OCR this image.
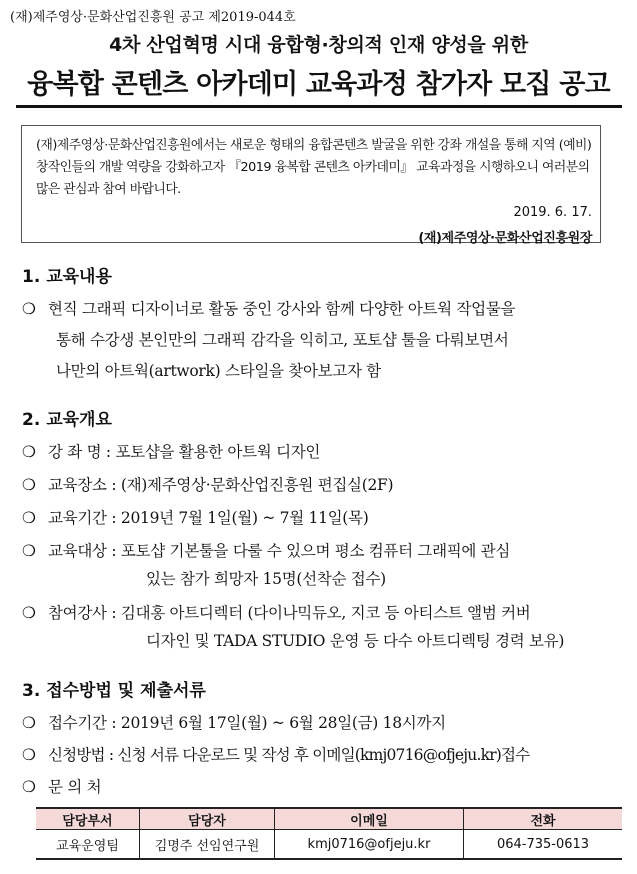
(재)제주영상·문화산업진흥원 공고 제2019-044호
4차 산업혁명 시대 융합형·창의적 인재 양성을 위한
융복합 콘텐츠 아카데미 교육과정 참가자 모집 공고
(재)제주영상·문화산업진흥원에서는 새로운 형태의 융합콘텐츠 발굴을 위한 강좌 개설을 통해 지역 (예비)창작인들의 개발 역량을 강화하고자 『2019 융복합 콘텐츠 아카데미』 교육과정을 시행하오니 여러분의 많은 관심과 참여 바랍니다.
2019. 6. 17.
(재)제주영상·문화산업진흥원장
1. 교육내용
❍ 현직 그래픽 디자이너로 활동 중인 강사와 함께 다양한 아트웍 작업물을
통해 수강생 본인만의 그래픽 감각을 익히고, 포토샵 툴을 다뤄보면서
나만의 아트웍(artwork) 스타일을 찾아보고자 함
2. 교육개요
❍ 강 좌 명 : 포토샵을 활용한 아트웍 디자인
❍ 교육장소 : (재)제주영상·문화산업진흥원 편집실(2F)
❍ 교육기간 : 2019년 7월 1일(월) ~ 7월 11일(목)
❍ 교육대상 : 포토샵 기본툴을 다룰 수 있으며 평소 컴퓨터 그래픽에 관심
있는 참가 희망자 15명(선착순 접수)
❍ 참여강사 : 김대홍 아트디렉터 (다이나믹듀오, 지코 등 아티스트 앨범 커버
디자인 및 TADA STUDIO 운영 등 다수 아트디렉팅 경력 보유)
3. 접수방법 및 제출서류
❍ 접수기간 : 2019년 6월 17일(월) ~ 6월 28일(금) 18시까지
❍ 신청방법 : 신청 서류 다운로드 및 작성 후 이메일(kmj0716@ofjeju.kr)접수
❍ 문 의 처
담당부서	담당자	이메일	전화
교육운영팀	김명주 선임연구원	kmj0716@ofjeju.kr	064-735-0613
